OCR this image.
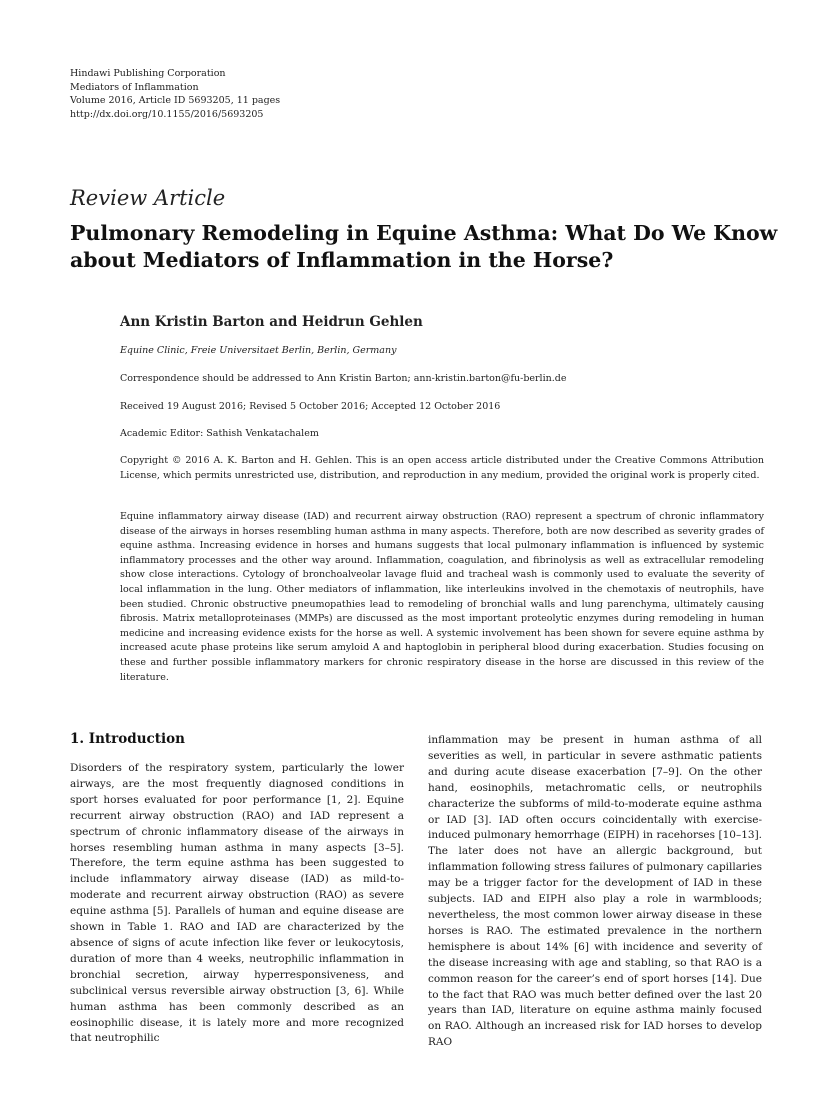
Hindawi Publishing Corporation
Mediators of Inflammation
Volume 2016, Article ID 5693205, 11 pages
http://dx.doi.org/10.1155/2016/5693205
Review Article
Pulmonary Remodeling in Equine Asthma: What Do We Know
about Mediators of Inflammation in the Horse?
Ann Kristin Barton and Heidrun Gehlen
Equine Clinic, Freie Universitaet Berlin, Berlin, Germany
Correspondence should be addressed to Ann Kristin Barton; ann-kristin.barton@fu-berlin.de
Received 19 August 2016; Revised 5 October 2016; Accepted 12 October 2016
Academic Editor: Sathish Venkatachalem
Copyright © 2016 A. K. Barton and H. Gehlen. This is an open access article distributed under the Creative Commons Attribution License, which permits unrestricted use, distribution, and reproduction in any medium, provided the original work is properly cited.
Equine inflammatory airway disease (IAD) and recurrent airway obstruction (RAO) represent a spectrum of chronic inflammatory disease of the airways in horses resembling human asthma in many aspects. Therefore, both are now described as severity grades of equine asthma. Increasing evidence in horses and humans suggests that local pulmonary inflammation is influenced by systemic inflammatory processes and the other way around. Inflammation, coagulation, and fibrinolysis as well as extracellular remodeling show close interactions. Cytology of bronchoalveolar lavage fluid and tracheal wash is commonly used to evaluate the severity of local inflammation in the lung. Other mediators of inflammation, like interleukins involved in the chemotaxis of neutrophils, have been studied. Chronic obstructive pneumopathies lead to remodeling of bronchial walls and lung parenchyma, ultimately causing fibrosis. Matrix metalloproteinases (MMPs) are discussed as the most important proteolytic enzymes during remodeling in human medicine and increasing evidence exists for the horse as well. A systemic involvement has been shown for severe equine asthma by increased acute phase proteins like serum amyloid A and haptoglobin in peripheral blood during exacerbation. Studies focusing on these and further possible inflammatory markers for chronic respiratory disease in the horse are discussed in this review of the literature.
1. Introduction
Disorders of the respiratory system, particularly the lower airways, are the most frequently diagnosed conditions in sport horses evaluated for poor performance [1, 2]. Equine recurrent airway obstruction (RAO) and IAD represent a spectrum of chronic inflammatory disease of the airways in horses resembling human asthma in many aspects [3–5]. Therefore, the term equine asthma has been suggested to include inflammatory airway disease (IAD) as mild-to-moderate and recurrent airway obstruction (RAO) as severe equine asthma [5]. Parallels of human and equine disease are shown in Table 1. RAO and IAD are characterized by the absence of signs of acute infection like fever or leukocytosis, duration of more than 4 weeks, neutrophilic inflammation in bronchial secretion, airway hyperresponsiveness, and subclinical versus reversible airway obstruction [3, 6]. While human asthma has been commonly described as an eosinophilic disease, it is lately more and more recognized that neutrophilic
inflammation may be present in human asthma of all severities as well, in particular in severe asthmatic patients and during acute disease exacerbation [7–9]. On the other hand, eosinophils, metachromatic cells, or neutrophils characterize the subforms of mild-to-moderate equine asthma or IAD [3]. IAD often occurs coincidentally with exercise-induced pulmonary hemorrhage (EIPH) in racehorses [10–13]. The later does not have an allergic background, but inflammation following stress failures of pulmonary capillaries may be a trigger factor for the development of IAD in these subjects. IAD and EIPH also play a role in warmbloods; nevertheless, the most common lower airway disease in these horses is RAO. The estimated prevalence in the northern hemisphere is about 14% [6] with incidence and severity of the disease increasing with age and stabling, so that RAO is a common reason for the career’s end of sport horses [14]. Due to the fact that RAO was much better defined over the last 20 years than IAD, literature on equine asthma mainly focused on RAO. Although an increased risk for IAD horses to develop RAO
